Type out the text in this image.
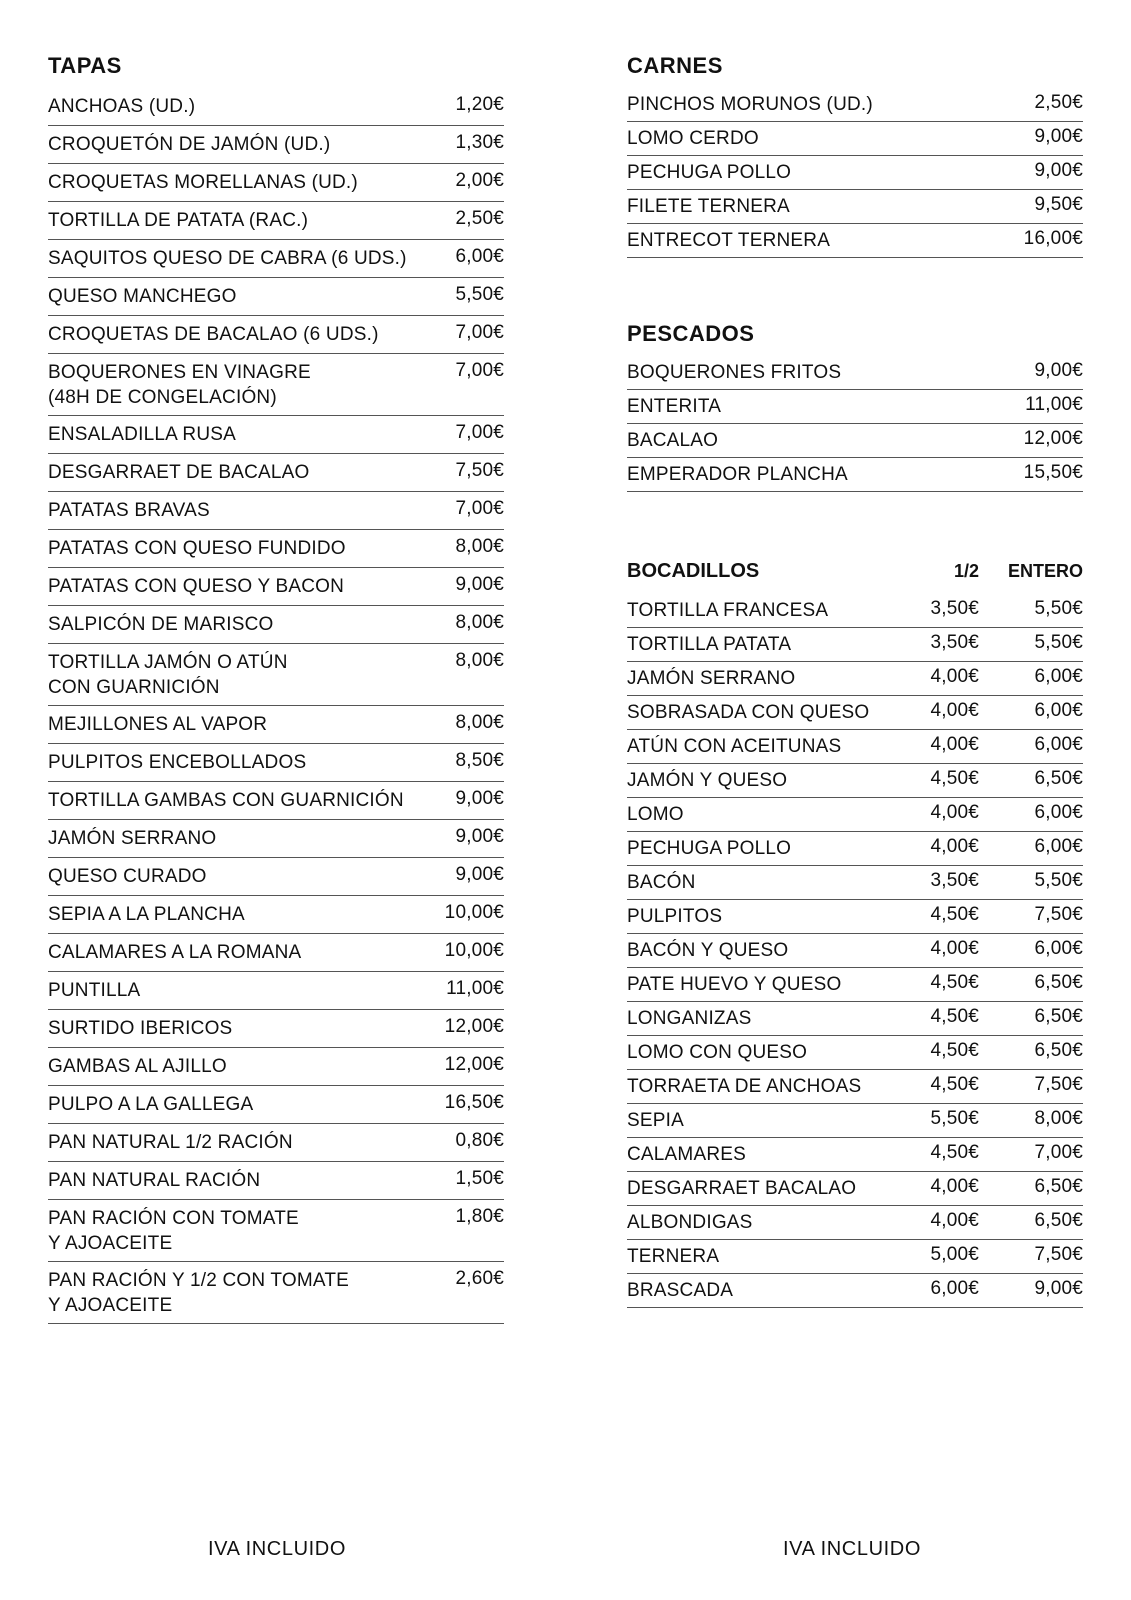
TAPAS
ANCHOAS (UD.)	1,20€
CROQUETÓN DE JAMÓN (UD.)	1,30€
CROQUETAS MORELLANAS (UD.)	2,00€
TORTILLA DE PATATA (RAC.)	2,50€
SAQUITOS QUESO DE CABRA (6 UDS.)	6,00€
QUESO MANCHEGO	5,50€
CROQUETAS DE BACALAO (6 UDS.)	7,00€
BOQUERONES EN VINAGRE
(48H DE CONGELACIÓN)
7,00€
ENSALADILLA RUSA	7,00€
DESGARRAET DE BACALAO	7,50€
PATATAS BRAVAS	7,00€
PATATAS CON QUESO FUNDIDO	8,00€
PATATAS CON QUESO Y BACON	9,00€
SALPICÓN DE MARISCO	8,00€
TORTILLA JAMÓN O ATÚN
CON GUARNICIÓN
8,00€
MEJILLONES AL VAPOR	8,00€
PULPITOS ENCEBOLLADOS	8,50€
TORTILLA GAMBAS CON GUARNICIÓN	9,00€
JAMÓN SERRANO	9,00€
QUESO CURADO	9,00€
SEPIA A LA PLANCHA	10,00€
CALAMARES A LA ROMANA	10,00€
PUNTILLA	11,00€
SURTIDO IBERICOS	12,00€
GAMBAS AL AJILLO	12,00€
PULPO A LA GALLEGA	16,50€
PAN NATURAL 1/2 RACIÓN	0,80€
PAN NATURAL RACIÓN	1,50€
PAN RACIÓN CON TOMATE
Y AJOACEITE
1,80€
PAN RACIÓN Y 1/2 CON TOMATE
Y AJOACEITE
2,60€
CARNES
PINCHOS MORUNOS (UD.)	2,50€
LOMO CERDO	9,00€
PECHUGA POLLO	9,00€
FILETE TERNERA	9,50€
ENTRECOT TERNERA	16,00€
PESCADOS
BOQUERONES FRITOS	9,00€
ENTERITA	11,00€
BACALAO	12,00€
EMPERADOR PLANCHA	15,50€
BOCADILLOS	1/2	ENTERO
TORTILLA FRANCESA	3,50€	5,50€
TORTILLA PATATA	3,50€	5,50€
JAMÓN SERRANO	4,00€	6,00€
SOBRASADA CON QUESO	4,00€	6,00€
ATÚN CON ACEITUNAS	4,00€	6,00€
JAMÓN Y QUESO	4,50€	6,50€
LOMO	4,00€	6,00€
PECHUGA POLLO	4,00€	6,00€
BACÓN	3,50€	5,50€
PULPITOS	4,50€	7,50€
BACÓN Y QUESO	4,00€	6,00€
PATE HUEVO Y QUESO	4,50€	6,50€
LONGANIZAS	4,50€	6,50€
LOMO CON QUESO	4,50€	6,50€
TORRAETA DE ANCHOAS	4,50€	7,50€
SEPIA	5,50€	8,00€
CALAMARES	4,50€	7,00€
DESGARRAET BACALAO	4,00€	6,50€
ALBONDIGAS	4,00€	6,50€
TERNERA	5,00€	7,50€
BRASCADA	6,00€	9,00€
IVA INCLUIDO	IVA INCLUIDO
